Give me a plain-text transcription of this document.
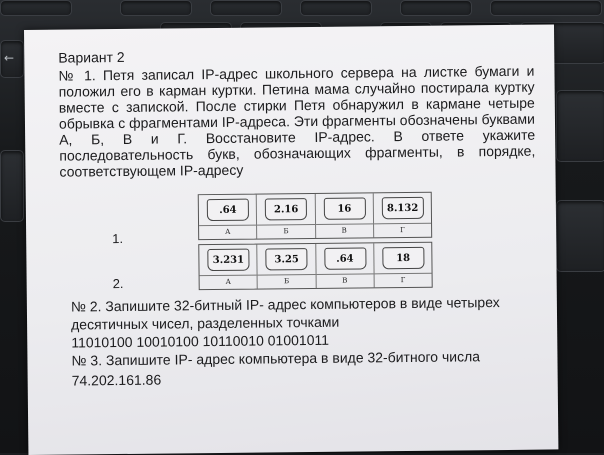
←	Вариант 2
№ 1. Петя записал IP-адрес школьного сервера на листке бумаги и положил его в карман куртки. Петина мама случайно постирала куртку вместе с запиской. После стирки Петя обнаружил в кармане четыре обрывка с фрагментами IP-адреса. Эти фрагменты обозначены буквами А, Б, В и Г. Восстановите IP-адрес. В ответе укажите последовательность букв, обозначающих фрагменты, в порядке, соответствующем IP-адресу
1.
.64
А
2.16
Б
16
В
8.132
Г
2.
3.231
А
3.25
Б
.64
В
18
Г
№ 2. Запишите 32-битный IP- адрес компьютеров в виде четырех десятичных чисел, разделенных точками
11010100 10010100 10110010 01001011
№ 3. Запишите IP- адрес компьютера в виде 32-битного числа
74.202.161.86
